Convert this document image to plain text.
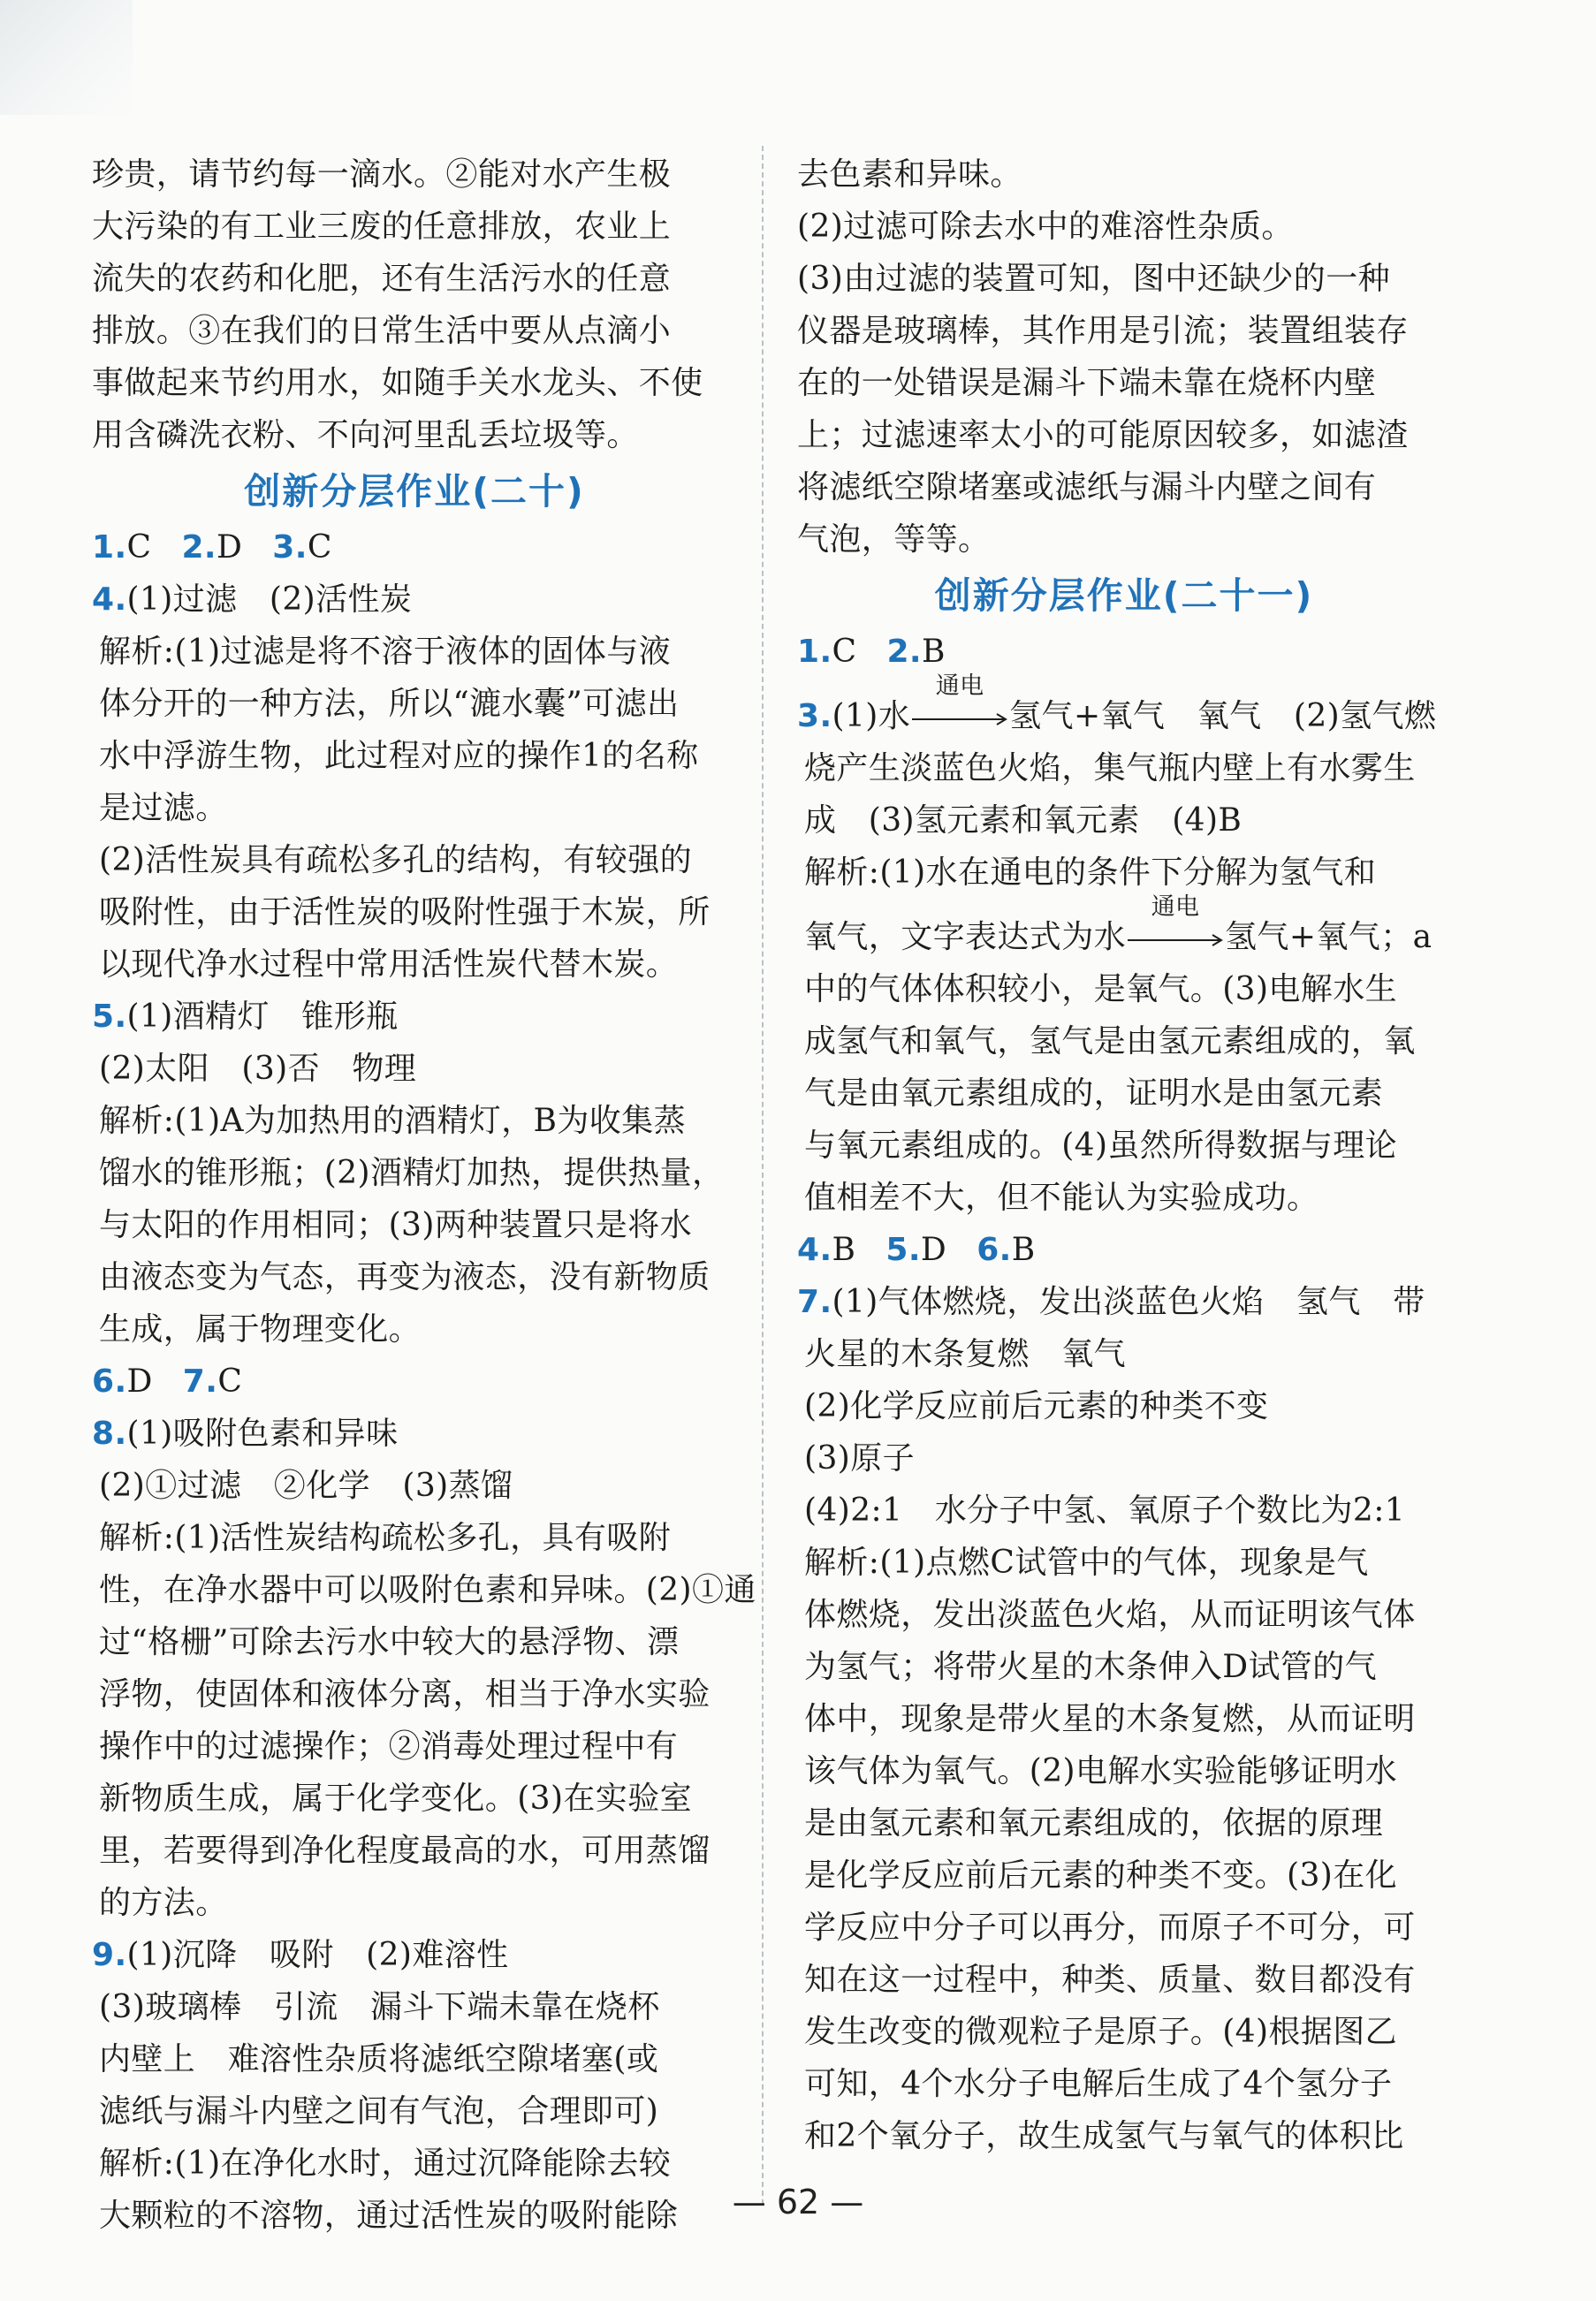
珍贵，请节约每一滴水。②能对水产生极
大污染的有工业三废的任意排放，农业上
流失的农药和化肥，还有生活污水的任意
排放。③在我们的日常生活中要从点滴小
事做起来节约用水，如随手关水龙头、不使
用含磷洗衣粉、不向河里乱丢垃圾等。
创新分层作业(二十)
1.C 2.D 3.C
4.(1)过滤　(2)活性炭
解析:(1)过滤是将不溶于液体的固体与液
体分开的一种方法，所以“漉水囊”可滤出
水中浮游生物，此过程对应的操作1的名称
是过滤。
(2)活性炭具有疏松多孔的结构，有较强的
吸附性，由于活性炭的吸附性强于木炭，所
以现代净水过程中常用活性炭代替木炭。
5.(1)酒精灯　锥形瓶
(2)太阳　(3)否　物理
解析:(1)A为加热用的酒精灯，B为收集蒸
馏水的锥形瓶；(2)酒精灯加热，提供热量，
与太阳的作用相同；(3)两种装置只是将水
由液态变为气态，再变为液态，没有新物质
生成，属于物理变化。
6.D 7.C
8.(1)吸附色素和异味
(2)①过滤　②化学　(3)蒸馏
解析:(1)活性炭结构疏松多孔，具有吸附
性，在净水器中可以吸附色素和异味。(2)①通
过“格栅”可除去污水中较大的悬浮物、漂
浮物，使固体和液体分离，相当于净水实验
操作中的过滤操作；②消毒处理过程中有
新物质生成，属于化学变化。(3)在实验室
里，若要得到净化程度最高的水，可用蒸馏
的方法。
9.(1)沉降　吸附　(2)难溶性
(3)玻璃棒　引流　漏斗下端未靠在烧杯
内壁上　难溶性杂质将滤纸空隙堵塞(或
滤纸与漏斗内壁之间有气泡，合理即可)
解析:(1)在净化水时，通过沉降能除去较
大颗粒的不溶物，通过活性炭的吸附能除
去色素和异味。
(2)过滤可除去水中的难溶性杂质。
(3)由过滤的装置可知，图中还缺少的一种
仪器是玻璃棒，其作用是引流；装置组装存
在的一处错误是漏斗下端未靠在烧杯内壁
上；过滤速率太小的可能原因较多，如滤渣
将滤纸空隙堵塞或滤纸与漏斗内壁之间有
气泡，等等。
创新分层作业(二十一)
1.C 2.B
3.(1)水
通电
氢气+氧气　氧气　(2)氢气燃
烧产生淡蓝色火焰，集气瓶内壁上有水雾生
成　(3)氢元素和氧元素　(4)B
解析:(1)水在通电的条件下分解为氢气和
氧气，文字表达式为水
通电
氢气+氧气；a
中的气体体积较小，是氧气。(3)电解水生
成氢气和氧气，氢气是由氢元素组成的，氧
气是由氧元素组成的，证明水是由氢元素
与氧元素组成的。(4)虽然所得数据与理论
值相差不大，但不能认为实验成功。
4.B 5.D 6.B
7.(1)气体燃烧，发出淡蓝色火焰　氢气　带
火星的木条复燃　氧气
(2)化学反应前后元素的种类不变
(3)原子
(4)2:1　水分子中氢、氧原子个数比为2:1
解析:(1)点燃C试管中的气体，现象是气
体燃烧，发出淡蓝色火焰，从而证明该气体
为氢气；将带火星的木条伸入D试管的气
体中，现象是带火星的木条复燃，从而证明
该气体为氧气。(2)电解水实验能够证明水
是由氢元素和氧元素组成的，依据的原理
是化学反应前后元素的种类不变。(3)在化
学反应中分子可以再分，而原子不可分，可
知在这一过程中，种类、质量、数目都没有
发生改变的微观粒子是原子。(4)根据图乙
可知，4个水分子电解后生成了4个氢分子
和2个氧分子，故生成氢气与氧气的体积比
— 62 —
